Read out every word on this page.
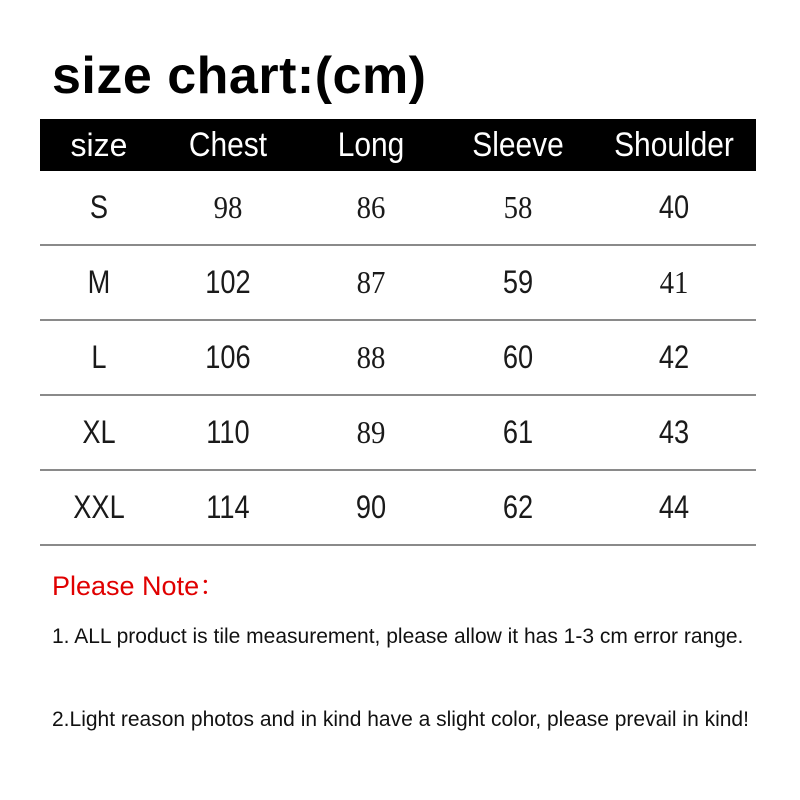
size chart:(cm)
size	Chest	Long	Sleeve	Shoulder
S	98	86	58	40
M	102	87	59	41
L	106	88	60	42
XL	110	89	61	43
XXL	114	90	62	44

Please Note：

1. ALL product is tile measurement, please allow it has 1-3 cm error range.

2.Light reason photos and in kind have a slight color, please prevail in kind!
